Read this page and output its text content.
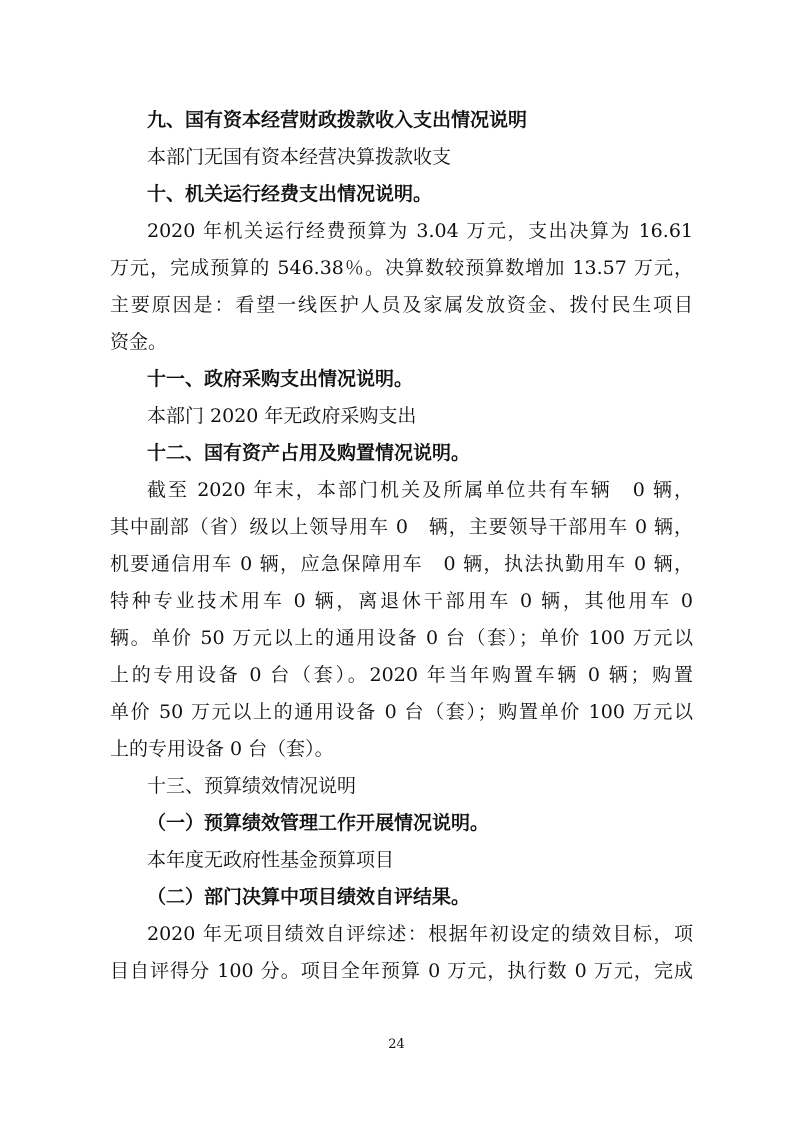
九、国有资本经营财政拨款收入支出情况说明
本部门无国有资本经营决算拨款收支
十、机关运行经费支出情况说明。
2020 年机关运行经费预算为 3.04 万元，支出决算为 16.61
万元，完成预算的 546.38％。决算数较预算数增加 13.57 万元，
主要原因是：看望一线医护人员及家属发放资金、拨付民生项目
资金。
十一、政府采购支出情况说明。
本部门 2020 年无政府采购支出
十二、国有资产占用及购置情况说明。
截至 2020 年末，本部门机关及所属单位共有车辆　0 辆，
其中副部（省）级以上领导用车 0　辆，主要领导干部用车 0 辆，
机要通信用车 0 辆，应急保障用车　0 辆，执法执勤用车 0 辆，
特种专业技术用车 0 辆，离退休干部用车 0 辆，其他用车 0
辆。单价 50 万元以上的通用设备 0 台（套）；单价 100 万元以
上的专用设备 0 台（套）。2020 年当年购置车辆 0 辆；购置
单价 50 万元以上的通用设备 0 台（套）；购置单价 100 万元以
上的专用设备 0 台（套）。
十三、预算绩效情况说明
（一）预算绩效管理工作开展情况说明。
本年度无政府性基金预算项目
（二）部门决算中项目绩效自评结果。
2020 年无项目绩效自评综述：根据年初设定的绩效目标，项
目自评得分 100 分。项目全年预算 0 万元，执行数 0 万元，完成
24
